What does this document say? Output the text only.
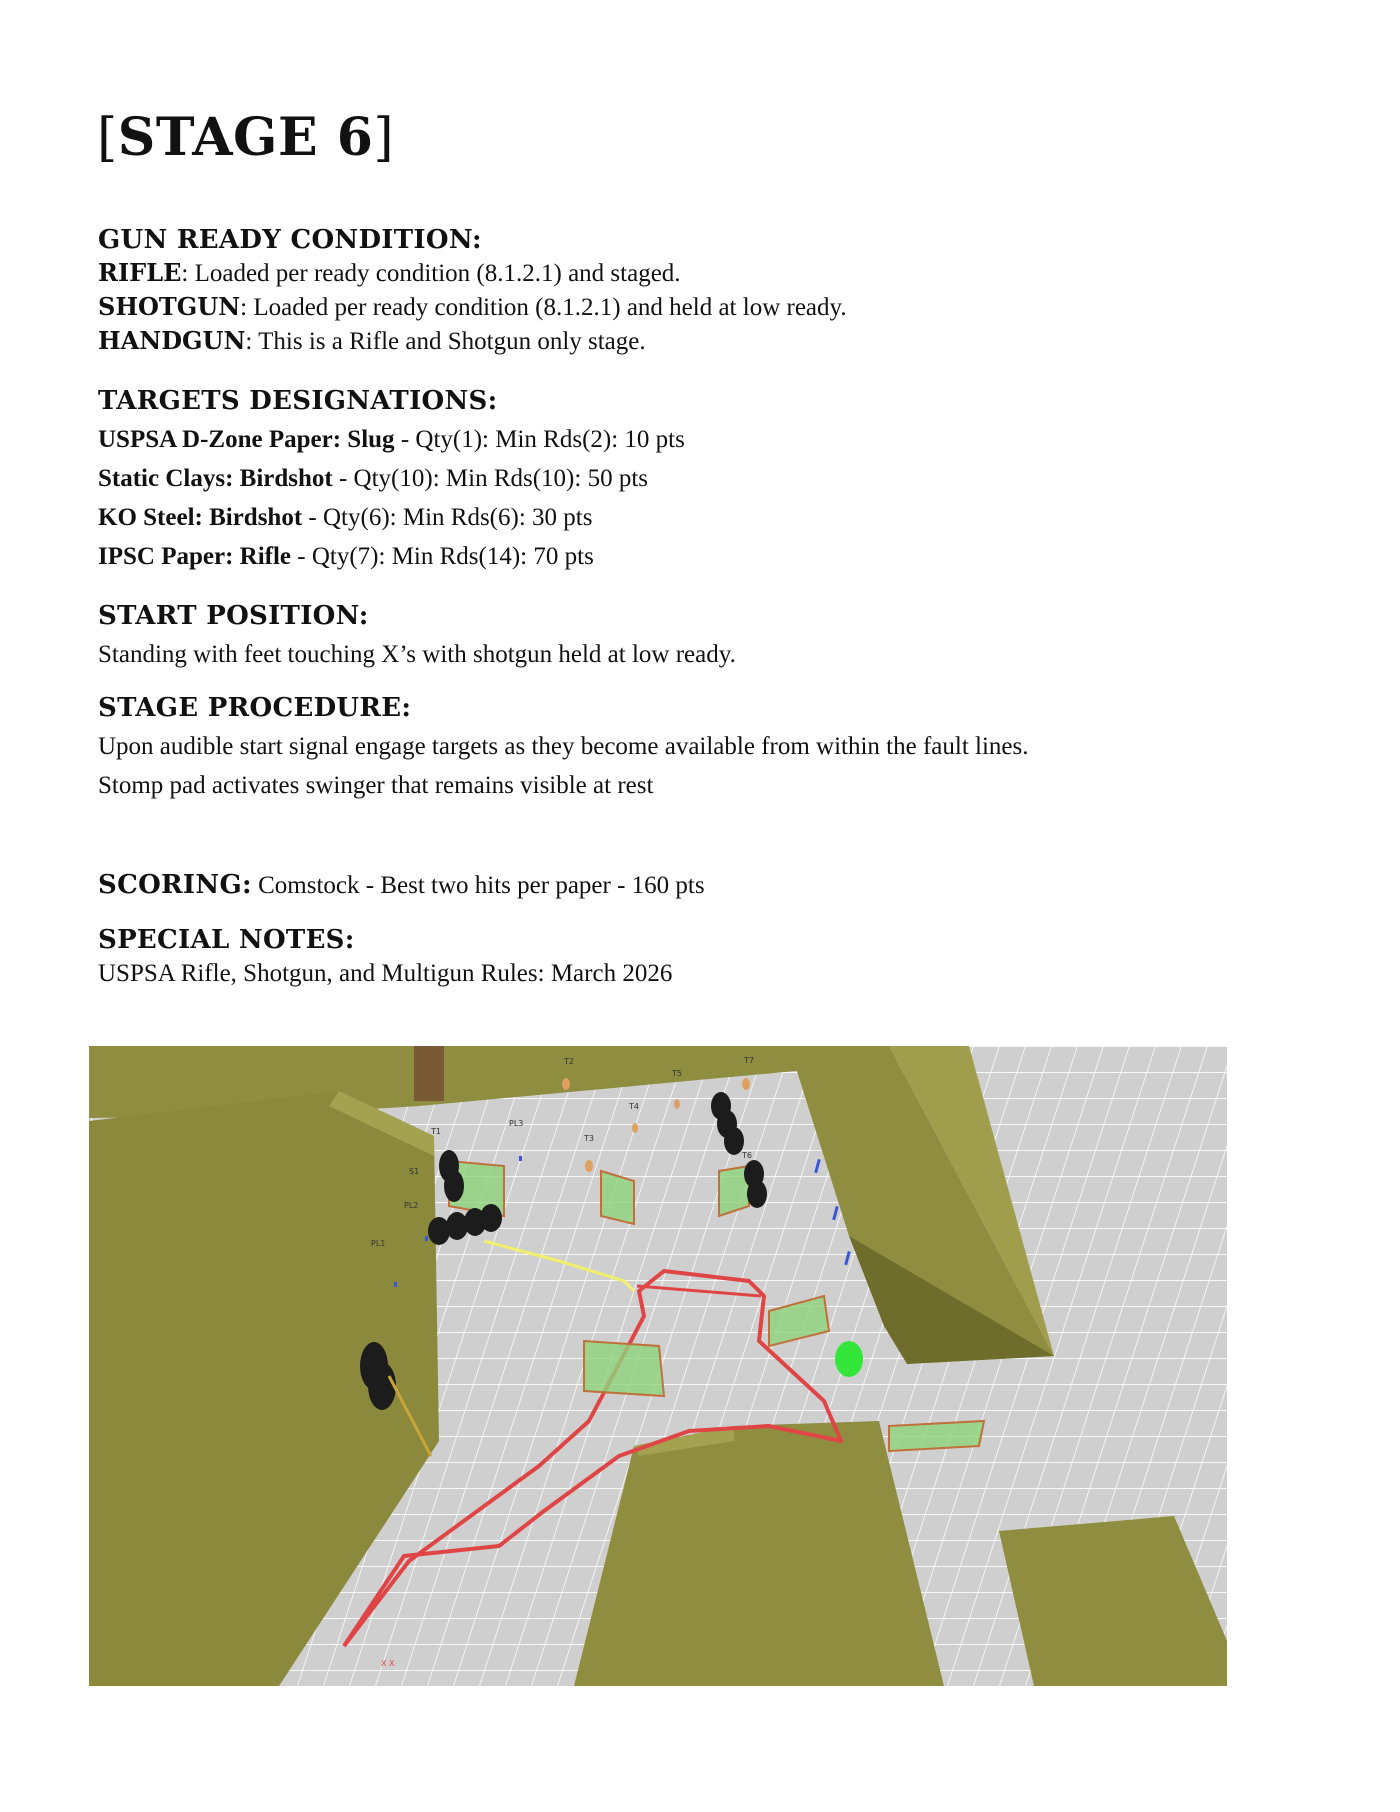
[STAGE 6]
GUN READY CONDITION:
RIFLE: Loaded per ready condition (8.1.2.1) and staged.
SHOTGUN: Loaded per ready condition (8.1.2.1) and held at low ready.
HANDGUN: This is a Rifle and Shotgun only stage.
TARGETS DESIGNATIONS:
USPSA D-Zone Paper: Slug - Qty(1): Min Rds(2): 10 pts
Static Clays: Birdshot - Qty(10): Min Rds(10): 50 pts
KO Steel: Birdshot - Qty(6): Min Rds(6): 30 pts
IPSC Paper: Rifle - Qty(7): Min Rds(14): 70 pts
START POSITION:
Standing with feet touching X’s with shotgun held at low ready.
STAGE PROCEDURE:
Upon audible start signal engage targets as they become available from within the fault lines.
Stomp pad activates swinger that remains visible at rest
SCORING: Comstock - Best two hits per paper - 160 pts
SPECIAL NOTES:
USPSA Rifle, Shotgun, and Multigun Rules: March 2026
T2
T5
T7
T4
T3
T6
T1
PL3
S1
PL2
PL1
X X
